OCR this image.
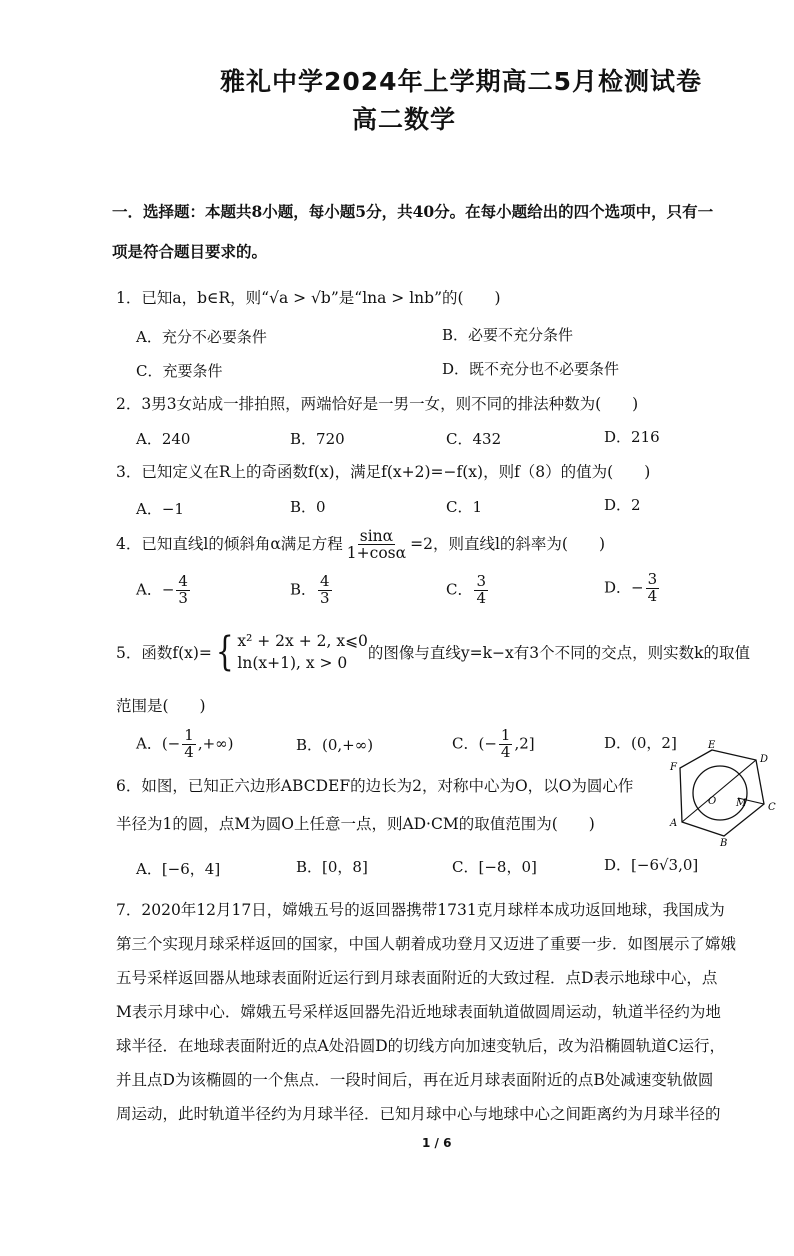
雅礼中学2024年上学期高二5月检测试卷
高二数学
一．选择题：本题共8小题，每小题5分，共40分。在每小题给出的四个选项中，只有一
项是符合题目要求的。
1．已知a，b∈R，则“√a > √b”是“lna > lnb”的(　　)
A．充分不必要条件	B．必要不充分条件
C．充要条件	D．既不充分也不必要条件
2．3男3女站成一排拍照，两端恰好是一男一女，则不同的排法种数为(　　)
A．240	B．720	C．432	D．216
3．已知定义在R上的奇函数f(x)，满足f(x+2)=−f(x)，则f（8）的值为(　　)
A．−1	B．0	C．1	D．2
4．已知直线l的倾斜角α满足方程 $\frac{\sin\alpha}{1+\cos\alpha} =2$，则直线l的斜率为(　　)
A．− $\frac{4}{3}$	B． $\frac{4}{3}$	C． $\frac{3}{4}$	D．− $\frac{3}{4}$
5．函数f(x)={ x² + 2x + 2, x⩽0
ln(x+1), x > 0的图像与直线y=k−x有3个不同的交点，则实数k的取值
范围是(　　)
A．(− $\frac{1}{4}$ ,+∞)	B．(0,+∞)	C．(− $\frac{1}{4} ,2$]	D．(0，2]
6．如图，已知正六边形ABCDEF的边长为2，对称中心为O，以O为圆心作
半径为1的圆，点M为圆O上任意一点，则AD·CM的取值范围为(　　)
E
D
F
O M
A
C
B
A．[−6，4]	B．[0，8]	C．[−8，0]	D．[−6√3,0]
7．2020年12月17日，嫦娥五号的返回器携带1731克月球样本成功返回地球，我国成为
第三个实现月球采样返回的国家，中国人朝着成功登月又迈进了重要一步．如图展示了嫦娥
五号采样返回器从地球表面附近运行到月球表面附近的大致过程．点D表示地球中心，点
M表示月球中心．嫦娥五号采样返回器先沿近地球表面轨道做圆周运动，轨道半径约为地
球半径．在地球表面附近的点A处沿圆D的切线方向加速变轨后，改为沿椭圆轨道C运行，
并且点D为该椭圆的一个焦点．一段时间后，再在近月球表面附近的点B处减速变轨做圆
周运动，此时轨道半径约为月球半径．已知月球中心与地球中心之间距离约为月球半径的
1 / 6
